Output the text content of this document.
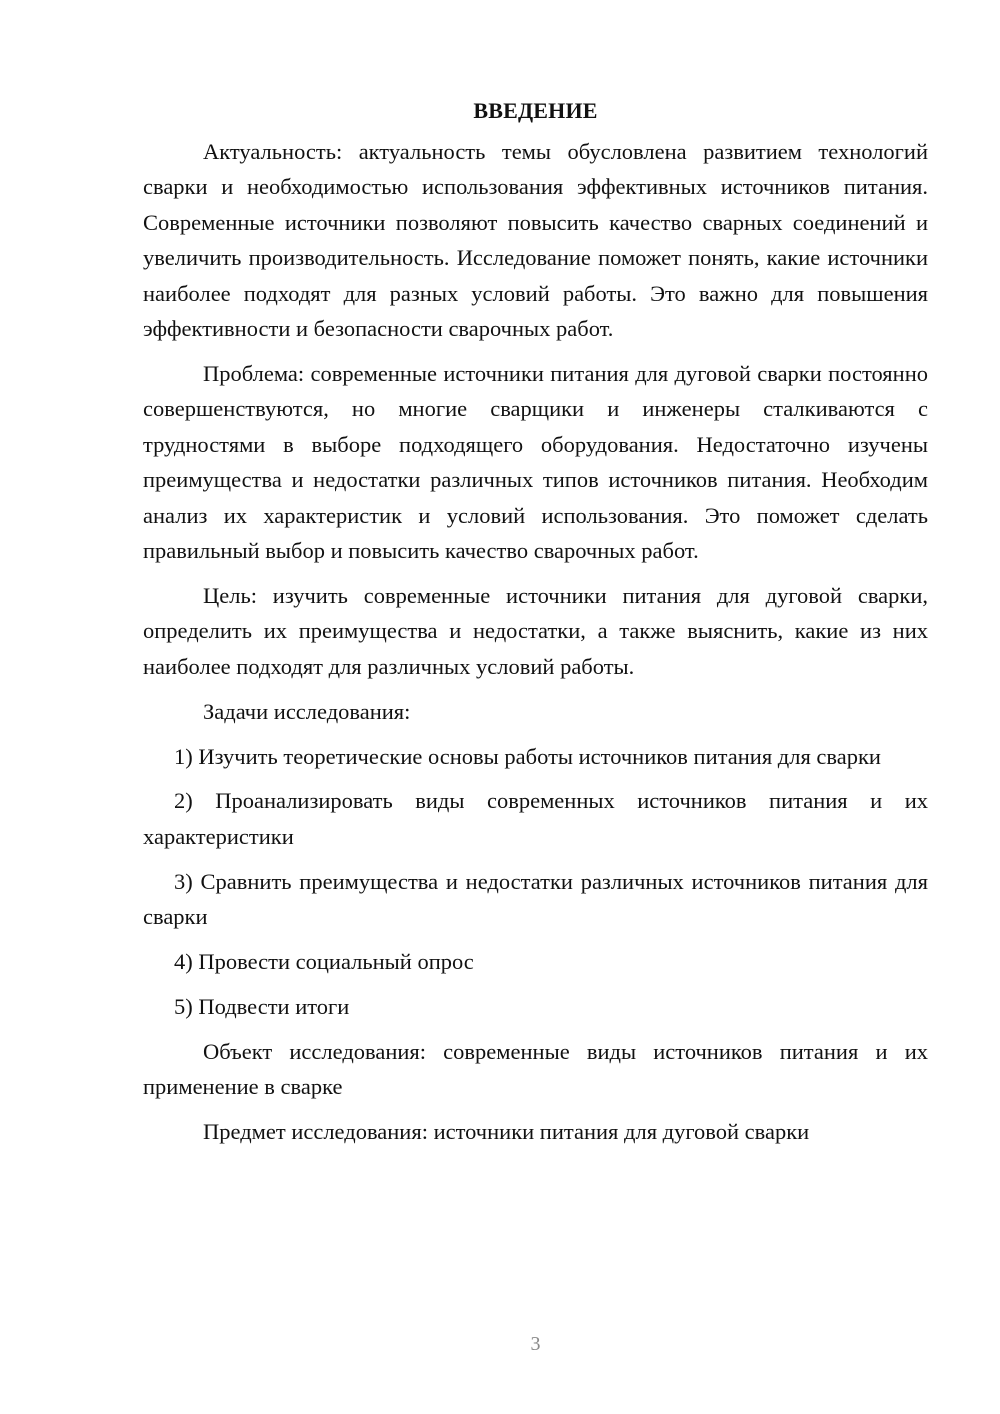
ВВЕДЕНИЕ

Актуальность: актуальность темы обусловлена развитием технологий сварки и необходимостью использования эффективных источников питания. Современные источники позволяют повысить качество сварных соединений и увеличить производительность. Исследование поможет понять, какие источники наиболее подходят для разных условий работы. Это важно для повышения эффективности и безопасности сварочных работ.

Проблема: современные источники питания для дуговой сварки постоянно совершенствуются, но многие сварщики и инженеры сталкиваются с трудностями в выборе подходящего оборудования. Недостаточно изучены преимущества и недостатки различных типов источников питания. Необходим анализ их характеристик и условий использования. Это поможет сделать правильный выбор и повысить качество сварочных работ.

Цель: изучить современные источники питания для дуговой сварки, определить их преимущества и недостатки, а также выяснить, какие из них наиболее подходят для различных условий работы.

Задачи исследования:

1) Изучить теоретические основы работы источников питания для сварки

2) Проанализировать виды современных источников питания и их характеристики

3) Сравнить преимущества и недостатки различных источников питания для сварки

4) Провести социальный опрос

5) Подвести итоги

Объект исследования: современные виды источников питания и их применение в сварке

Предмет исследования: источники питания для дуговой сварки

3
